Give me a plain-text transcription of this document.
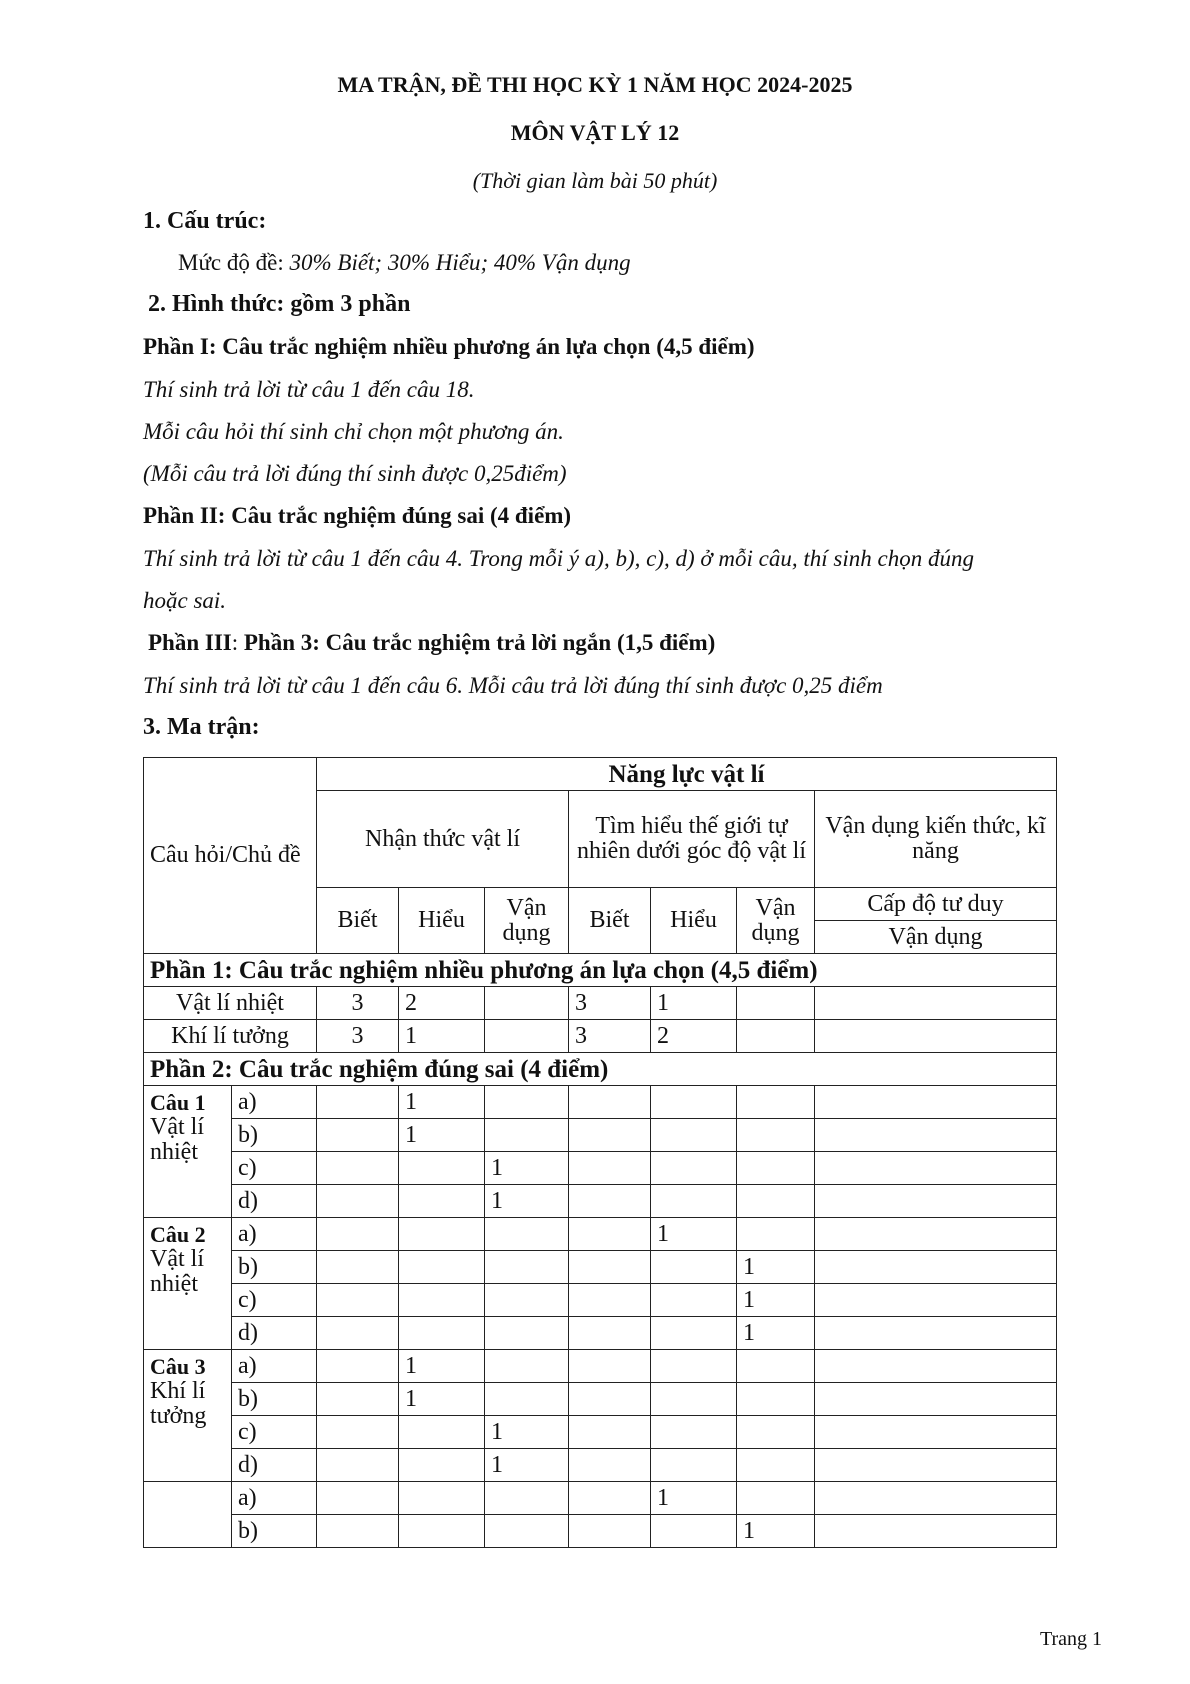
MA TRẬN, ĐỀ THI HỌC KỲ 1 NĂM HỌC 2024-2025
MÔN VẬT LÝ 12
(Thời gian làm bài 50 phút)
1. Cấu trúc:
Mức độ đề: 30% Biết; 30% Hiểu; 40% Vận dụng
2. Hình thức: gồm 3 phần
Phần I: Câu trắc nghiệm nhiều phương án lựa chọn (4,5 điểm)
Thí sinh trả lời từ câu 1 đến câu 18.
Mỗi câu hỏi thí sinh chỉ chọn một phương án.
(Mỗi câu trả lời đúng thí sinh được 0,25điểm)
Phần II: Câu trắc nghiệm đúng sai (4 điểm)
Thí sinh trả lời từ câu 1 đến câu 4. Trong mỗi ý a), b), c), d) ở mỗi câu, thí sinh chọn đúng
hoặc sai.
Phần III: Phần 3: Câu trắc nghiệm trả lời ngắn (1,5 điểm)
Thí sinh trả lời từ câu 1 đến câu 6. Mỗi câu trả lời đúng thí sinh được 0,25 điểm
3. Ma trận:
Câu hỏi/Chủ đề		Năng lực vật lí						
		Nhận thức vật lí			Tìm hiểu thế giới tự nhiên dưới góc độ vật lí			Vận dụng kiến thức, kĩ năng
		Biết	Hiểu	Vận dụng	Biết	Hiểu	Vận dụng	Cấp độ tư duy
								Vận dụng
Phần 1: Câu trắc nghiệm nhiều phương án lựa chọn (4,5 điểm)								
Vật lí nhiệt		3	2		3	1		
Khí lí tưởng		3	1		3	2		
Phần 2: Câu trắc nghiệm đúng sai (4 điểm)								

Câu 1
Vật lí nhiệt	a)		1					
	b)		1					
	c)			1				
	d)			1				

Câu 2
Vật lí nhiệt	a)					1		
	b)						1	
	c)						1	
	d)						1	

Câu 3
Khí lí tưởng	a)		1					
	b)		1					
	c)			1				
	d)			1				

	a)					1		
	b)						1	
Trang 1
